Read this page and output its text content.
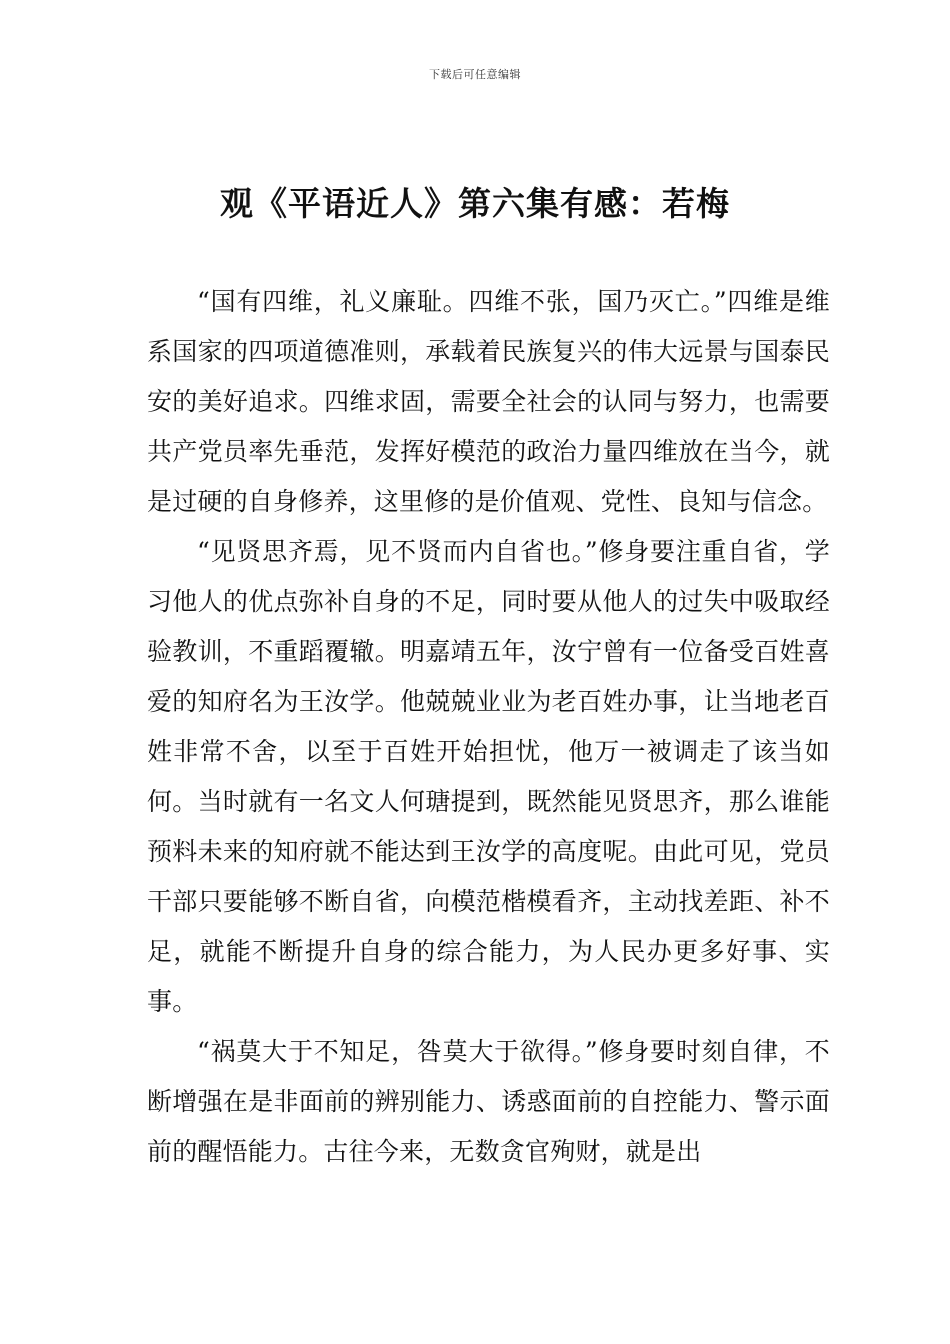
下载后可任意编辑
观《平语近人》第六集有感：若梅

“国有四维，礼义廉耻。四维不张，国乃灭亡。”四维是维系国家的四项道德准则，承载着民族复兴的伟大远景与国泰民安的美好追求。四维求固，需要全社会的认同与努力，也需要共产党员率先垂范，发挥好模范的政治力量四维放在当今，就是过硬的自身修养，这里修的是价值观、党性、良知与信念。

“见贤思齐焉，见不贤而内自省也。”修身要注重自省，学习他人的优点弥补自身的不足，同时要从他人的过失中吸取经验教训，不重蹈覆辙。明嘉靖五年，汝宁曾有一位备受百姓喜爱的知府名为王汝学。他兢兢业业为老百姓办事，让当地老百姓非常不舍，以至于百姓开始担忧，他万一被调走了该当如何。当时就有一名文人何瑭提到，既然能见贤思齐，那么谁能预料未来的知府就不能达到王汝学的高度呢。由此可见，党员干部只要能够不断自省，向模范楷模看齐，主动找差距、补不足，就能不断提升自身的综合能力，为人民办更多好事、实事。

“祸莫大于不知足，咎莫大于欲得。”修身要时刻自律，不断增强在是非面前的辨别能力、诱惑面前的自控能力、警示面前的醒悟能力。古往今来，无数贪官殉财，就是出
